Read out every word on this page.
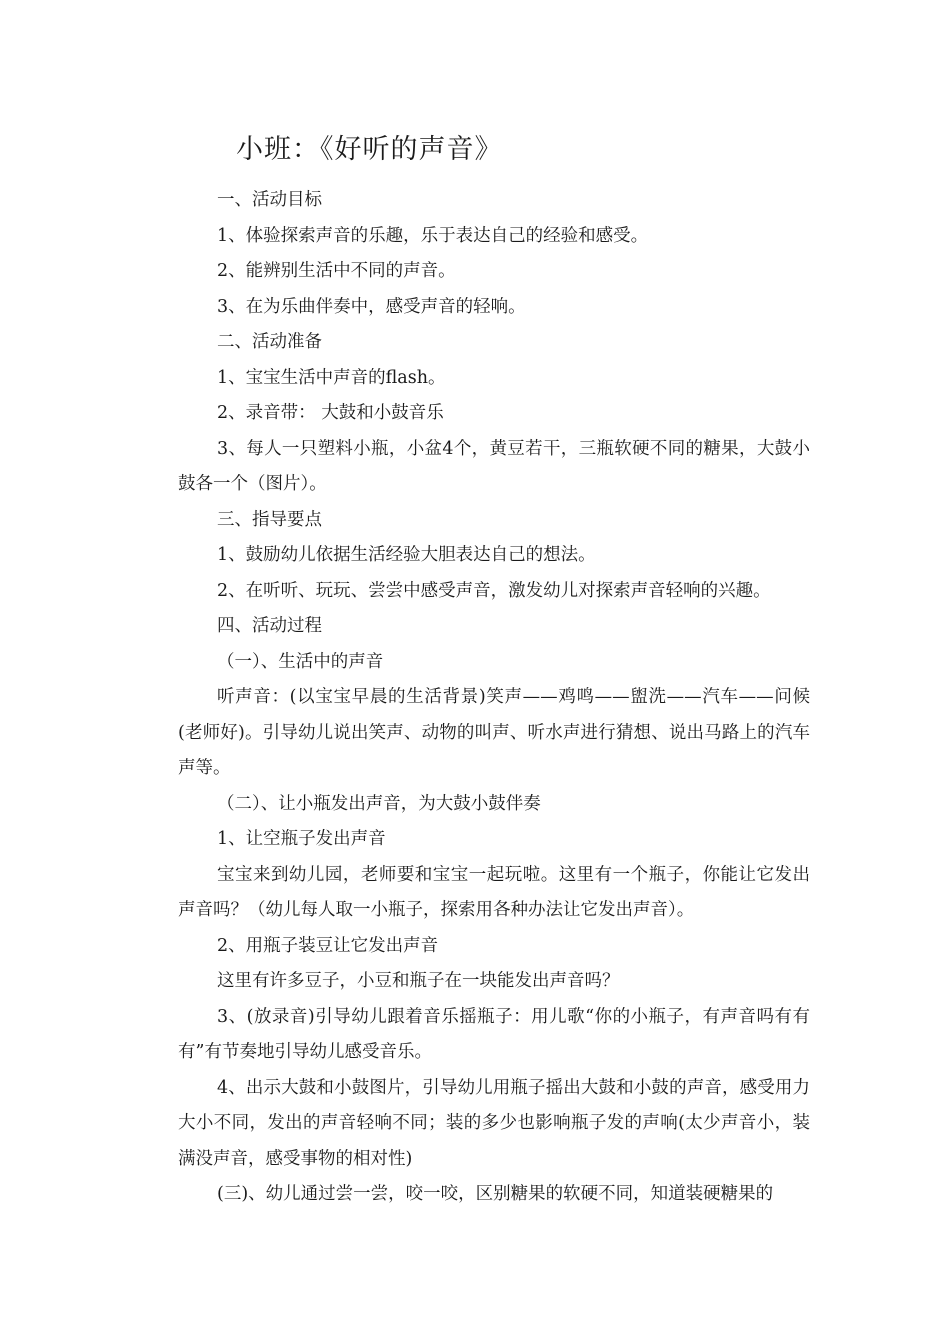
小班：《好听的声音》

一、活动目标

1、体验探索声音的乐趣，乐于表达自己的经验和感受。

2、能辨别生活中不同的声音。

3、在为乐曲伴奏中，感受声音的轻响。

二、活动准备

1、宝宝生活中声音的flash。

2、录音带： 大鼓和小鼓音乐

3、每人一只塑料小瓶，小盆4个，黄豆若干，三瓶软硬不同的糖果，大鼓小鼓各一个（图片）。

三、指导要点

1、鼓励幼儿依据生活经验大胆表达自己的想法。

2、在听听、玩玩、尝尝中感受声音，激发幼儿对探索声音轻响的兴趣。

四、活动过程

（一）、生活中的声音

听声音：(以宝宝早晨的生活背景)笑声——鸡鸣——盥洗——汽车——问候(老师好)。引导幼儿说出笑声、动物的叫声、听水声进行猜想、说出马路上的汽车声等。

（二）、让小瓶发出声音，为大鼓小鼓伴奏

1、让空瓶子发出声音

宝宝来到幼儿园，老师要和宝宝一起玩啦。这里有一个瓶子，你能让它发出声音吗？（幼儿每人取一小瓶子，探索用各种办法让它发出声音）。

2、用瓶子装豆让它发出声音

这里有许多豆子，小豆和瓶子在一块能发出声音吗？

3、(放录音)引导幼儿跟着音乐摇瓶子：用儿歌“你的小瓶子，有声音吗有有有”有节奏地引导幼儿感受音乐。

4、出示大鼓和小鼓图片，引导幼儿用瓶子摇出大鼓和小鼓的声音，感受用力大小不同，发出的声音轻响不同；装的多少也影响瓶子发的声响(太少声音小，装满没声音，感受事物的相对性)

(三)、幼儿通过尝一尝，咬一咬，区别糖果的软硬不同，知道装硬糖果的
